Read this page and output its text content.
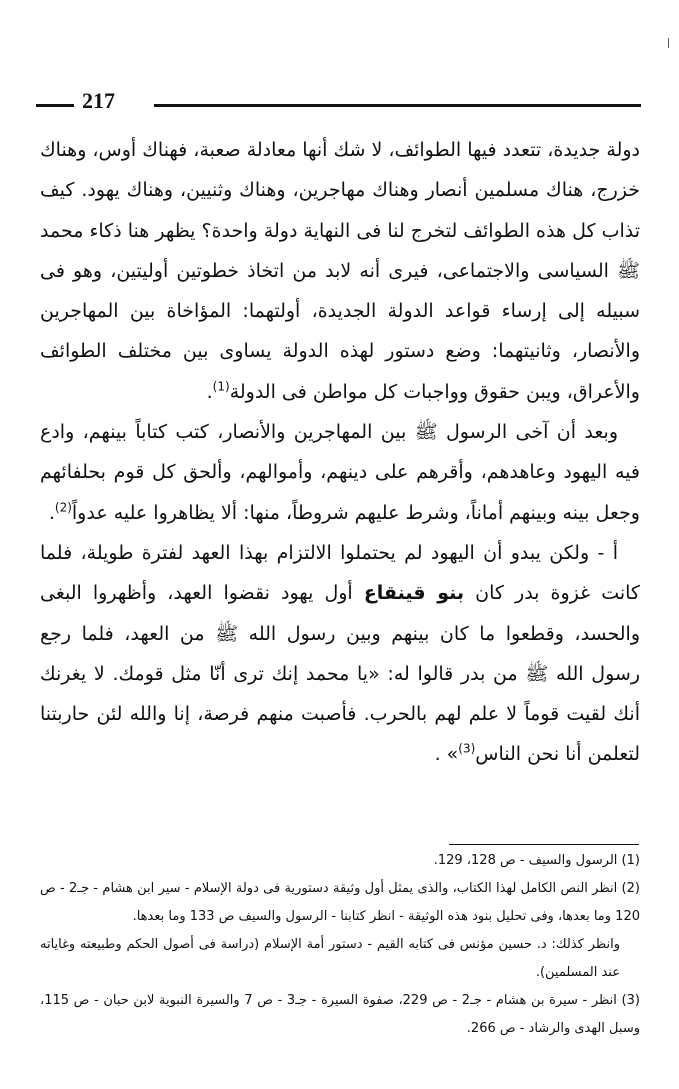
217

دولة جديدة، تتعدد فيها الطوائف، لا شك أنها معادلة صعبة، فهناك أوس، وهناك خزرج، هناك مسلمين أنصار وهناك مهاجرين، وهناك وثنيين، وهناك يهود. كيف تذاب كل هذه الطوائف لتخرج لنا فى النهاية دولة واحدة؟ يظهر هنا ذكاء محمد ﷺ السياسى والاجتماعى، فيرى أنه لابد من اتخاذ خطوتين أوليتين، وهو فى سبيله إلى إرساء قواعد الدولة الجديدة، أولتهما: المؤاخاة بين المهاجرين والأنصار، وثانيتهما: وضع دستور لهذه الدولة يساوى بين مختلف الطوائف والأعراق، ويبن حقوق وواجبات كل مواطن فى الدولة$^{(1)}$.

وبعد أن آخى الرسول ﷺ بين المهاجرين والأنصار، كتب كتاباً بينهم، وادع فيه اليهود وعاهدهم، وأقرهم على دينهم، وأموالهم، وألحق كل قوم بحلفائهم وجعل بينه وبينهم أماناً، وشرط عليهم شروطاً، منها: ألا يظاهروا عليه عدواً$^{(2)}$.

أ - ولكن يبدو أن اليهود لم يحتملوا الالتزام بهذا العهد لفترة طويلة، فلما كانت غزوة بدر كان بنو قينقاع أول يهود نقضوا العهد، وأظهروا البغى والحسد، وقطعوا ما كان بينهم وبين رسول الله ﷺ من العهد، فلما رجع رسول الله ﷺ من بدر قالوا له: «يا محمد إنك ترى أنّا مثل قومك. لا يغرنك أنك لقيت قوماً لا علم لهم بالحرب. فأصبت منهم فرصة، إنا والله لئن حاربتنا لتعلمن أنا نحن الناس$^{(3)}$» .

(1) الرسول والسيف - ص 128، 129.

(2) انظر النص الكامل لهذا الكتاب، والذى يمثل أول وثيقة دستورية فى دولة الإسلام - سير ابن هشام - جـ2 - ص 120 وما بعدها، وفى تحليل بنود هذه الوثيقة - انظر كتابنا - الرسول والسيف ص 133 وما بعدها.

وانظر كذلك: د. حسين مؤنس فى كتابه القيم - دستور أمة الإسلام (دراسة فى أصول الحكم وطبيعته وغاياته عند المسلمين).

(3) انظر - سيرة بن هشام - جـ2 - ص 229، صفوة السيرة - جـ3 - ص 7 والسيرة النبوية لابن حبان - ص 115، وسبل الهدى والرشاد - ص 266.
